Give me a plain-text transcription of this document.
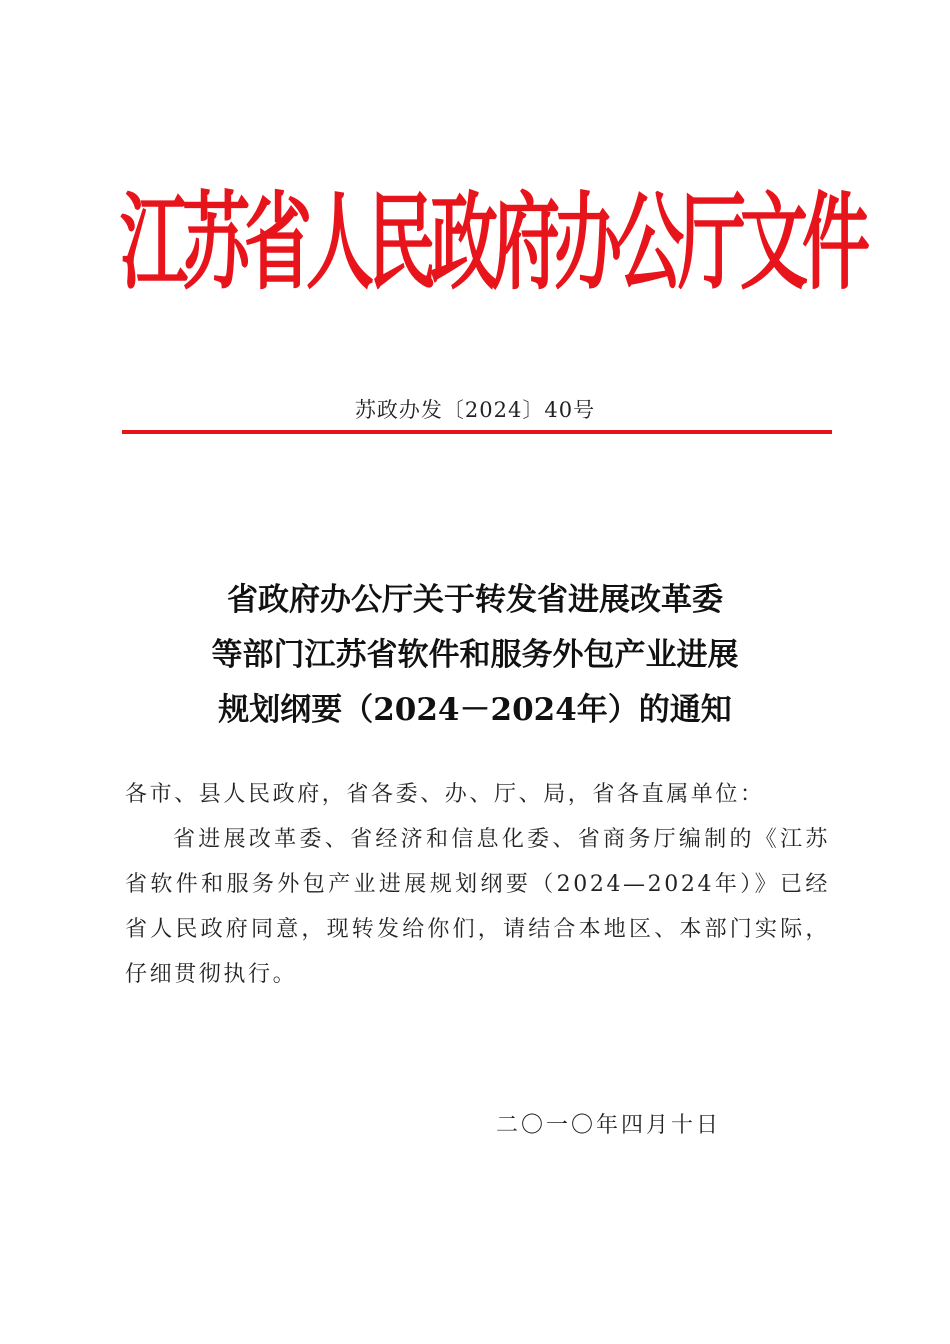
江苏省人民政府办公厅文件
苏政办发〔2024〕40号
省政府办公厅关于转发省进展改革委
等部门江苏省软件和服务外包产业进展
规划纲要（2024－2024年）的通知
各市、县人民政府，省各委、办、厅、局，省各直属单位：
省进展改革委、省经济和信息化委、省商务厅编制的《江苏省软件和服务外包产业进展规划纲要（2024—2024年）》已经省人民政府同意，现转发给你们，请结合本地区、本部门实际，仔细贯彻执行。
二〇一〇年四月十日
